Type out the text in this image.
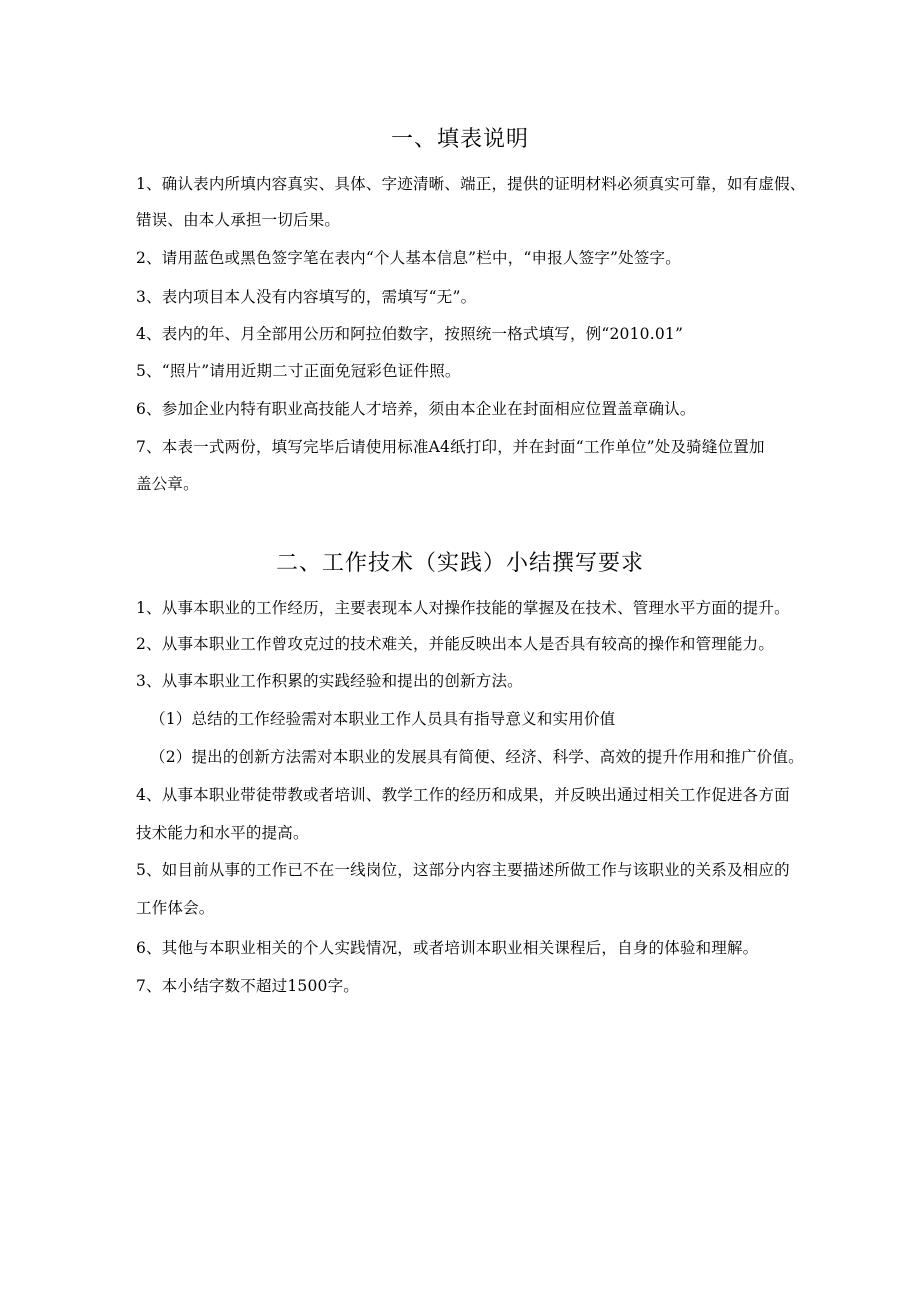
一、填表说明
1、确认表内所填内容真实、具体、字迹清晰、端正，提供的证明材料必须真实可靠，如有虚假、
错误、由本人承担一切后果。
2、请用蓝色或黑色签字笔在表内“个人基本信息”栏中，“申报人签字”处签字。
3、表内项目本人没有内容填写的，需填写“无”。
4、表内的年、月全部用公历和阿拉伯数字，按照统一格式填写，例“2010.01”
5、“照片”请用近期二寸正面免冠彩色证件照。
6、参加企业内特有职业高技能人才培养，须由本企业在封面相应位置盖章确认。
7、本表一式两份，填写完毕后请使用标准A4纸打印，并在封面“工作单位”处及骑缝位置加
盖公章。
二、工作技术（实践）小结撰写要求
1、从事本职业的工作经历，主要表现本人对操作技能的掌握及在技术、管理水平方面的提升。
2、从事本职业工作曾攻克过的技术难关，并能反映出本人是否具有较高的操作和管理能力。
3、从事本职业工作积累的实践经验和提出的创新方法。
（1）总结的工作经验需对本职业工作人员具有指导意义和实用价值
（2）提出的创新方法需对本职业的发展具有简便、经济、科学、高效的提升作用和推广价值。
4、从事本职业带徒带教或者培训、教学工作的经历和成果，并反映出通过相关工作促进各方面
技术能力和水平的提高。
5、如目前从事的工作已不在一线岗位，这部分内容主要描述所做工作与该职业的关系及相应的
工作体会。
6、其他与本职业相关的个人实践情况，或者培训本职业相关课程后，自身的体验和理解。
7、本小结字数不超过1500字。
